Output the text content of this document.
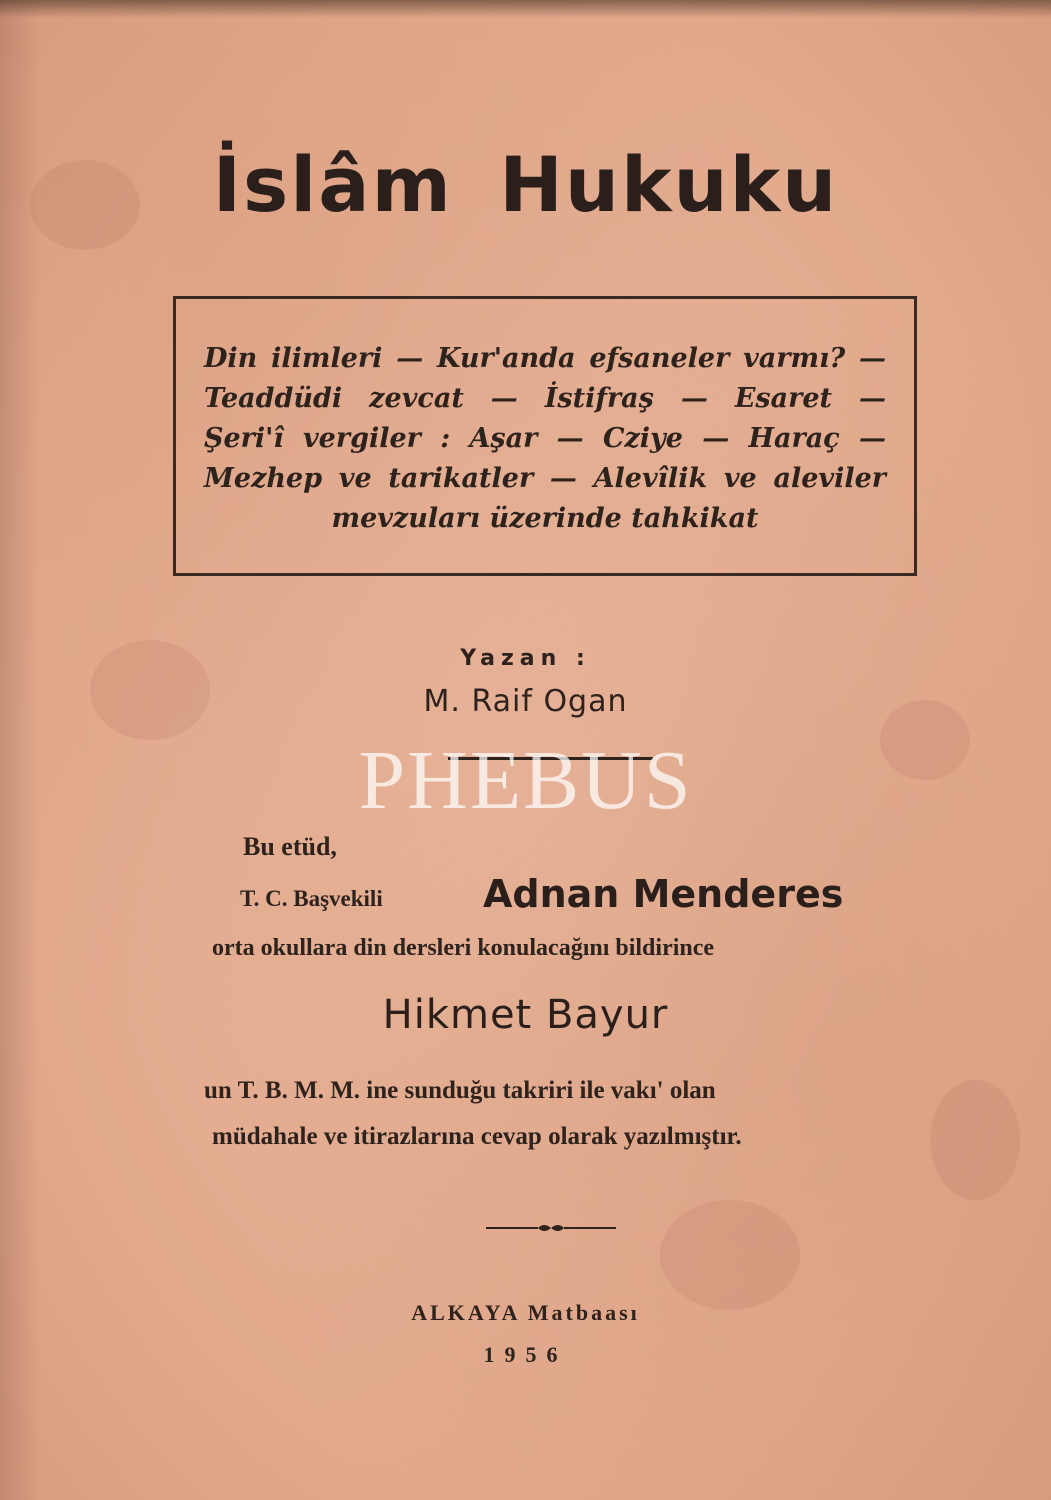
İslâm Hukuku
Din ilimleri — Kur'anda efsaneler varmı? —
Teaddüdi zevcat — İstifraş — Esaret —
Şeri'î vergiler : Aşar — Cziye — Haraç —
Mezhep ve tarikatler — Alevîlik ve aleviler
mevzuları üzerinde tahkikat
Yazan :
M. Raif Ogan
Bu etüd,
T. C. Başvekili	Adnan Menderes
orta okullara din dersleri konulacağını bildirince
Hikmet Bayur
un T. B. M. M. ine sunduğu takriri ile vakı' olan
müdahale ve itirazlarına cevap olarak yazılmıştır.
ALKAYA Matbaası
1956
PHEBUS
